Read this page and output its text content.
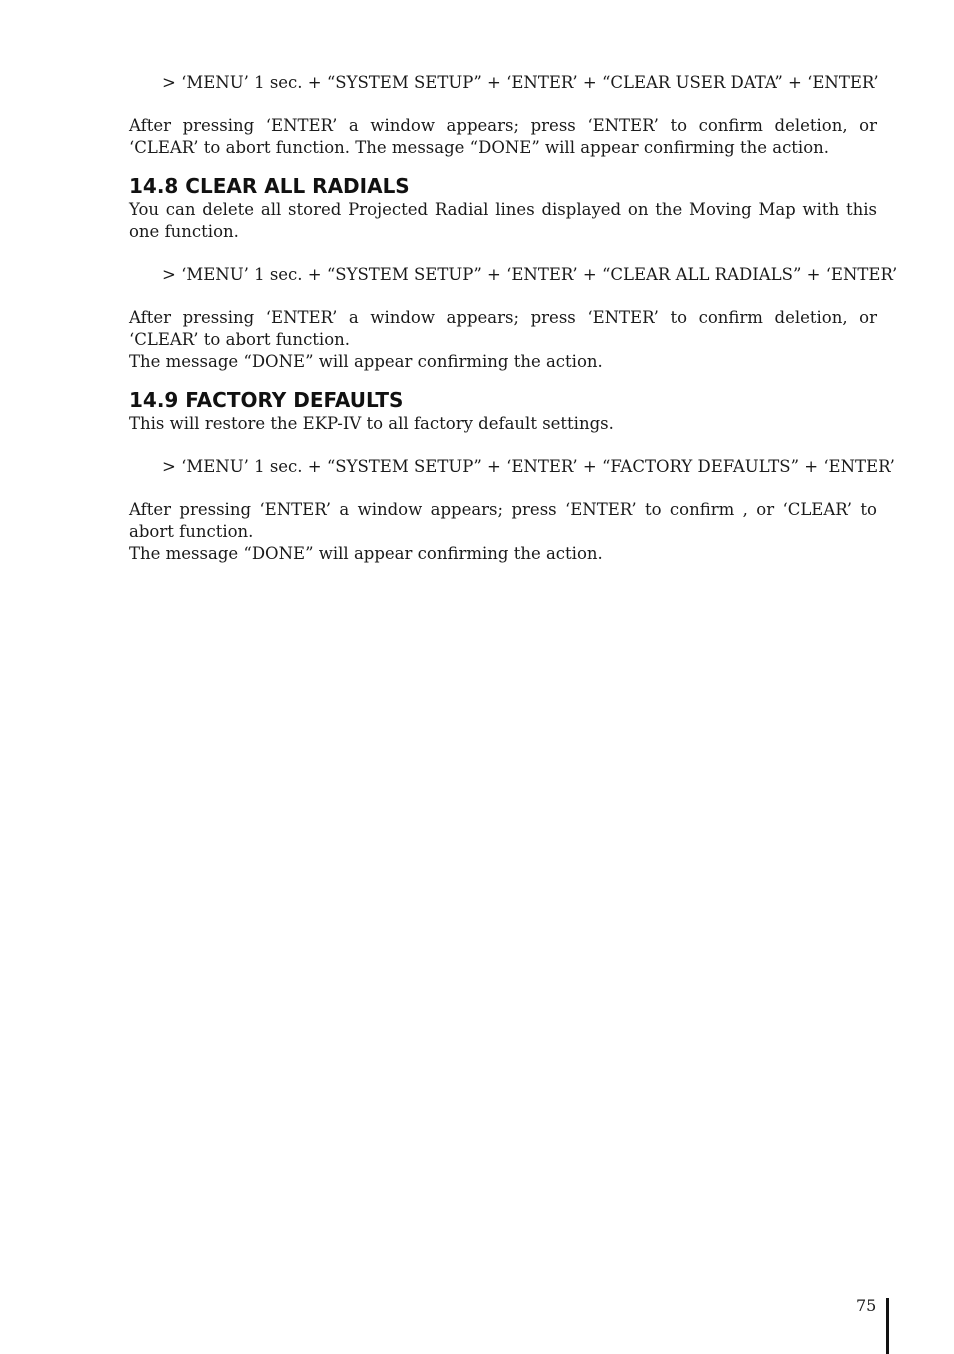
> ‘MENU’ 1 sec. + “SYSTEM SETUP” + ‘ENTER’ + “CLEAR USER DATA” + ‘ENTER’

After pressing ‘ENTER’ a window appears; press ‘ENTER’ to confirm deletion, or ‘CLEAR’ to abort function. The message “DONE” will appear confirming the action.

14.8 CLEAR ALL RADIALS

You can delete all stored Projected Radial lines displayed on the Moving Map with this one function.

> ‘MENU’ 1 sec. + “SYSTEM SETUP” + ‘ENTER’ + “CLEAR ALL RADIALS” + ‘ENTER’

After pressing ‘ENTER’ a window appears; press ‘ENTER’ to confirm deletion, or ‘CLEAR’ to abort function.

The message “DONE” will appear confirming the action.

14.9 FACTORY DEFAULTS

This will restore the EKP-IV to all factory default settings.

> ‘MENU’ 1 sec. + “SYSTEM SETUP” + ‘ENTER’ + “FACTORY DEFAULTS” + ‘ENTER’

After pressing ‘ENTER’ a window appears; press ‘ENTER’ to confirm , or ‘CLEAR’ to abort function.

The message “DONE” will appear confirming the action.

75
